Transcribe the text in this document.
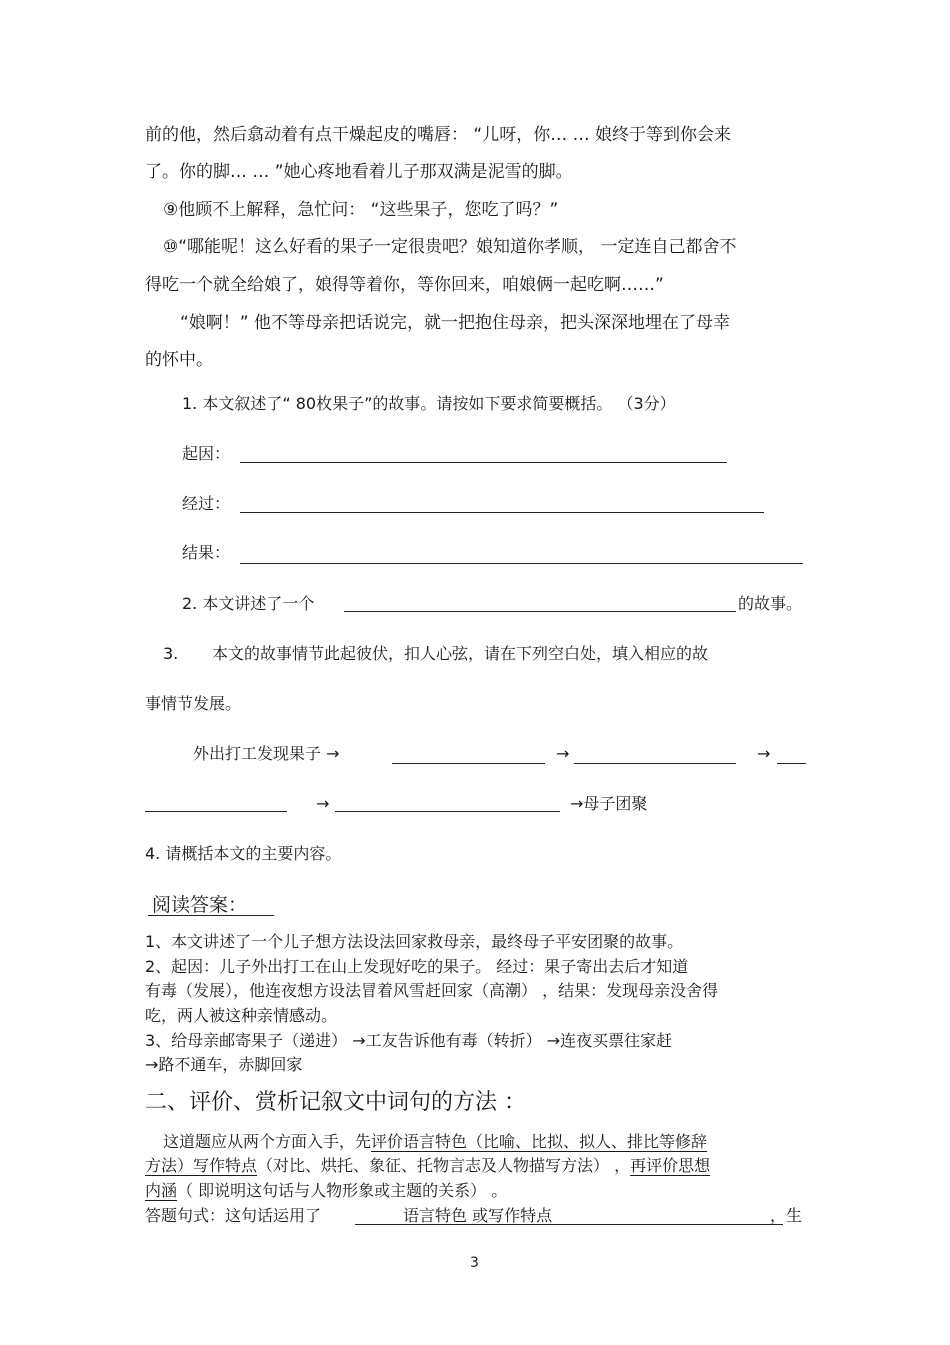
前的他，然后翕动着有点干燥起皮的嘴唇： “儿呀，你… … 娘终于等到你会来
了。你的脚… … ”她心疼地看着儿子那双满是泥雪的脚。
⑨他顾不上解释，急忙问： “这些果子，您吃了吗？”
⑩“哪能呢！这么好看的果子一定很贵吧？娘知道你孝顺， 一定连自己都舍不
得吃一个就全给娘了，娘得等着你，等你回来，咱娘俩一起吃啊……”
“娘啊！” 他不等母亲把话说完，就一把抱住母亲，把头深深地埋在了母幸
的怀中。
1. 本文叙述了“ 80枚果子”的故事。请按如下要求简要概括。 （3分）
起因：
经过：
结果：
2. 本文讲述了一个	的故事。
3. 本文的故事情节此起彼伏，扣人心弦，请在下列空白处，填入相应的故
事情节发展。
外出打工发现果子 →	→	→
→	→母子团聚
4. 请概括本文的主要内容。
阅读答案：
1、本文讲述了一个儿子想方法设法回家救母亲，最终母子平安团聚的故事。
2、起因：儿子外出打工在山上发现好吃的果子。 经过：果子寄出去后才知道
有毒（发展），他连夜想方设法冒着风雪赶回家（高潮） ，结果：发现母亲没舍得
吃，两人被这种亲情感动。
3、给母亲邮寄果子（递进） →工友告诉他有毒（转折） →连夜买票往家赶
→路不通车，赤脚回家
二、评价、赏析记叙文中词句的方法 ：
这道题应从两个方面入手，先评价语言特色（比喻、比拟、拟人、排比等修辞
方法）写作特点（对比、烘托、象征、托物言志及人物描写方法） ，再评价思想
内涵（ 即说明这句话与人物形象或主题的关系） 。
答题句式：这句话运用了	语言特色 或写作特点	，生
3
